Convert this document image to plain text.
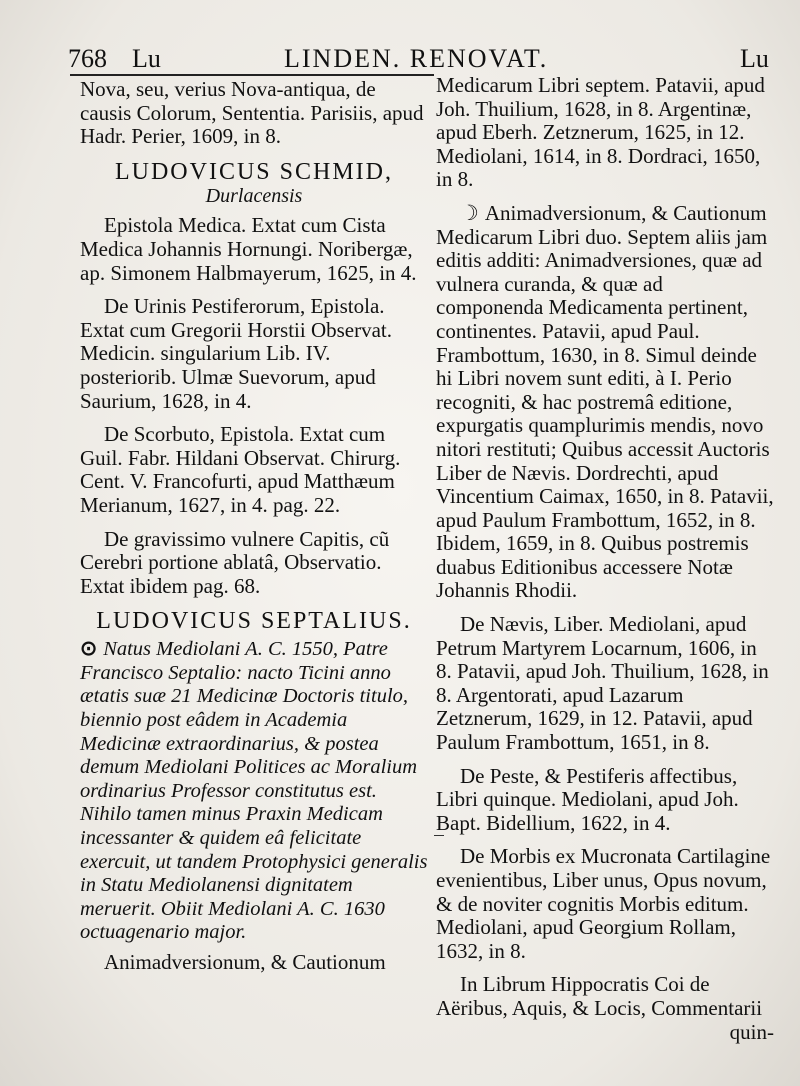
768 Lu	LINDEN. RENOVAT.	Lu

Nova, seu, verius Nova-antiqua, de causis Colorum, Sententia. Parisiis, apud Hadr. Perier, 1609, in 8.

LUDOVICUS SCHMID,

Durlacensis

Epistola Medica. Extat cum Cista Medica Johannis Hornungi. Noribergæ, ap. Simonem Halbmayerum, 1625, in 4.

De Urinis Pestiferorum, Epistola. Extat cum Gregorii Horstii Observat. Medicin. singularium Lib. IV. posteriorib. Ulmæ Suevorum, apud Saurium, 1628, in 4.

De Scorbuto, Epistola. Extat cum Guil. Fabr. Hildani Observat. Chirurg. Cent. V. Francofurti, apud Matthæum Merianum, 1627, in 4. pag. 22.

De gravissimo vulnere Capitis, cũ Cerebri portione ablatâ, Observatio. Extat ibidem pag. 68.

LUDOVICUS SEPTALIUS.

⊙ Natus Mediolani A. C. 1550, Patre Francisco Septalio: nacto Ticini anno ætatis suæ 21 Medicinæ Doctoris titulo, biennio post eâdem in Academia Medicinæ extraordinarius, & postea demum Mediolani Politices ac Moralium ordinarius Professor constitutus est. Nihilo tamen minus Praxin Medicam incessanter & quidem eâ felicitate exercuit, ut tandem Protophysici generalis in Statu Mediolanensi dignitatem meruerit. Obiit Mediolani A. C. 1630 octuagenario major.

Animadversionum, & Cautionum

Medicarum Libri septem. Patavii, apud Joh. Thuilium, 1628, in 8. Argentinæ, apud Eberh. Zetznerum, 1625, in 12. Mediolani, 1614, in 8. Dordraci, 1650, in 8.

☽ Animadversionum, & Cautionum Medicarum Libri duo. Septem aliis jam editis additi: Animadversiones, quæ ad vulnera curanda, & quæ ad componenda Medicamenta pertinent, continentes. Patavii, apud Paul. Frambottum, 1630, in 8. Simul deinde hi Libri novem sunt editi, à I. Perio recogniti, & hac postremâ editione, expurgatis quamplurimis mendis, novo nitori restituti; Quibus accessit Auctoris Liber de Nævis. Dordrechti, apud Vincentium Caimax, 1650, in 8. Patavii, apud Paulum Frambottum, 1652, in 8. Ibidem, 1659, in 8. Quibus postremis duabus Editionibus accessere Notæ Johannis Rhodii.

De Nævis, Liber. Mediolani, apud Petrum Martyrem Locarnum, 1606, in 8. Patavii, apud Joh. Thuilium, 1628, in 8. Argentorati, apud Lazarum Zetznerum, 1629, in 12. Patavii, apud Paulum Frambottum, 1651, in 8.

De Peste, & Pestiferis affectibus, Libri quinque. Mediolani, apud Joh. Bapt. Bidellium, 1622, in 4.

De Morbis ex Mucronata Cartilagine evenientibus, Liber unus, Opus novum, & de noviter cognitis Morbis editum. Mediolani, apud Georgium Rollam, 1632, in 8.

In Librum Hippocratis Coi de Aëribus, Aquis, & Locis, Commentarii

quin-
